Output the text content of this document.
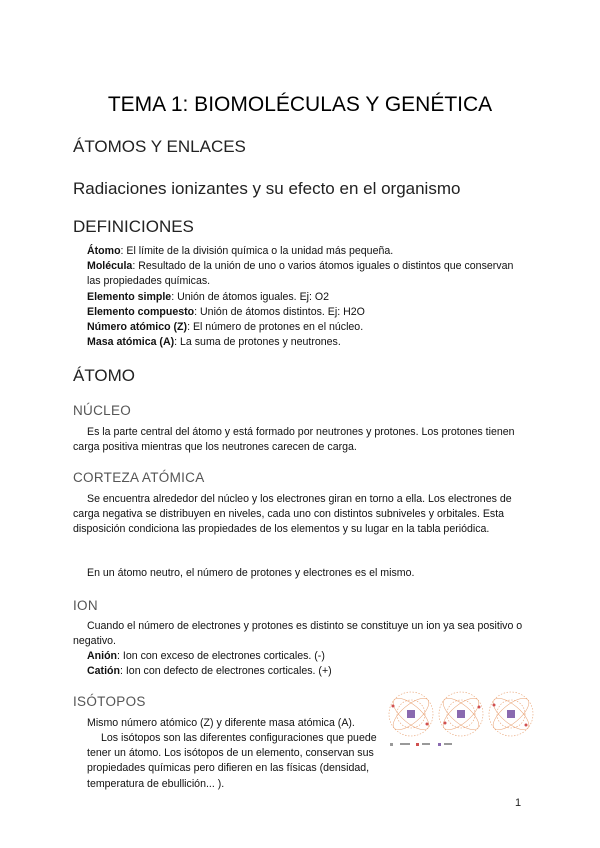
TEMA 1: BIOMOLÉCULAS Y GENÉTICA
ÁTOMOS Y ENLACES
Radiaciones ionizantes y su efecto en el organismo
DEFINICIONES
Átomo: El límite de la división química o la unidad más pequeña.
Molécula: Resultado de la unión de uno o varios átomos iguales o distintos que conservan las propiedades químicas.
Elemento simple: Unión de átomos iguales. Ej: O2
Elemento compuesto: Unión de átomos distintos. Ej: H2O
Número atómico (Z): El número de protones en el núcleo.
Masa atómica (A): La suma de protones y neutrones.
ÁTOMO
NÚCLEO
Es la parte central del átomo y está formado por neutrones y protones. Los protones tienen carga positiva mientras que los neutrones carecen de carga.
CORTEZA ATÓMICA
Se encuentra alrededor del núcleo y los electrones giran en torno a ella. Los electrones de carga negativa se distribuyen en niveles, cada uno con distintos subniveles y orbitales. Esta disposición condiciona las propiedades de los elementos y su lugar en la tabla periódica.
En un átomo neutro, el número de protones y electrones es el mismo.
ION
Cuando el número de electrones y protones es distinto se constituye un ion ya sea positivo o negativo.
Anión: Ion con exceso de electrones corticales. (-)
Catión: Ion con defecto de electrones corticales. (+)
ISÓTOPOS
Mismo número atómico (Z) y diferente masa atómica (A).
Los isótopos son las diferentes configuraciones que puede tener un átomo. Los isótopos de un elemento, conservan sus propiedades químicas pero difieren en las físicas (densidad, temperatura de ebullición... ).
1
